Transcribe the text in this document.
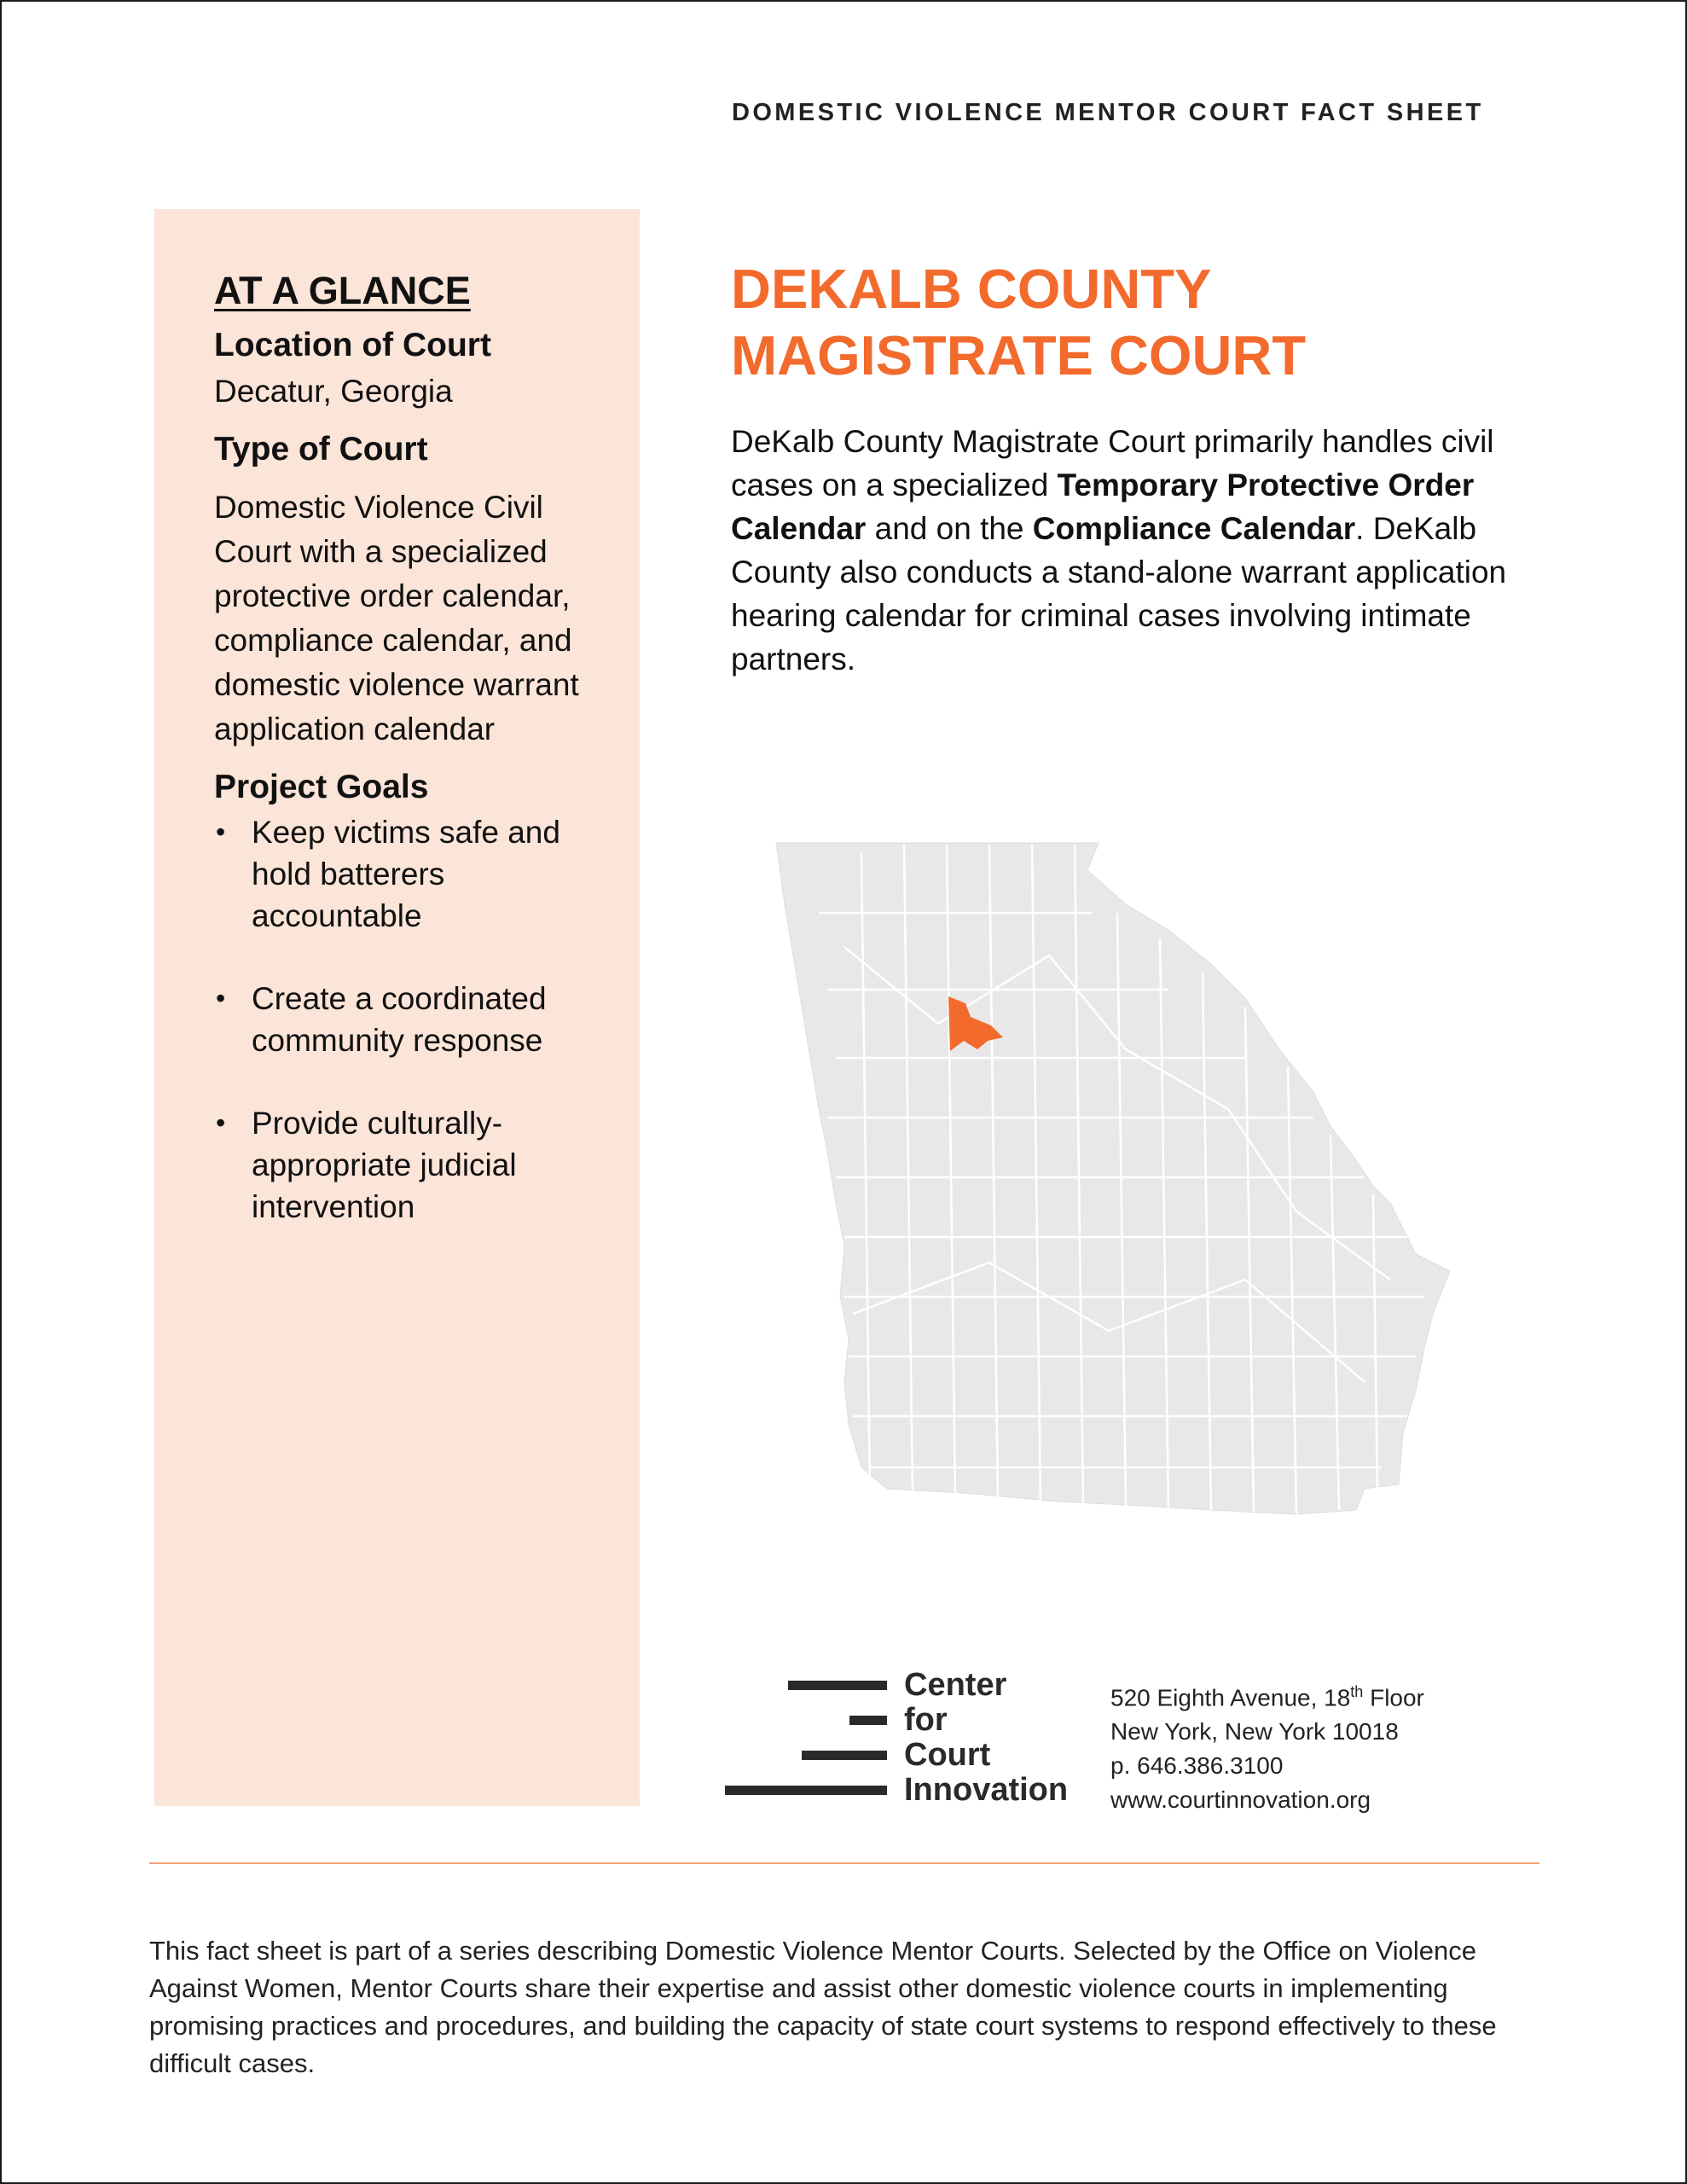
DOMESTIC VIOLENCE MENTOR COURT FACT SHEET

AT A GLANCE

Location of Court

Decatur, Georgia

Type of Court

Domestic Violence Civil Court with a specialized protective order calendar, compliance calendar, and domestic violence warrant application calendar

Project Goals

• Keep victims safe and hold batterers accountable
• Create a coordinated community response
• Provide culturally-appropriate judicial intervention
DEKALB COUNTY
MAGISTRATE COURT

DeKalb County Magistrate Court primarily handles civil cases on a specialized Temporary Protective Order Calendar and on the Compliance Calendar. DeKalb County also conducts a stand-alone warrant application hearing calendar for criminal cases involving intimate partners.

Center
for
Court
Innovation
520 Eighth Avenue, 18th Floor
New York, New York 10018
p. 646.386.3100
www.courtinnovation.org

This fact sheet is part of a series describing Domestic Violence Mentor Courts. Selected by the Office on Violence Against Women, Mentor Courts share their expertise and assist other domestic violence courts in implementing promising practices and procedures, and building the capacity of state court systems to respond effectively to these difficult cases.
